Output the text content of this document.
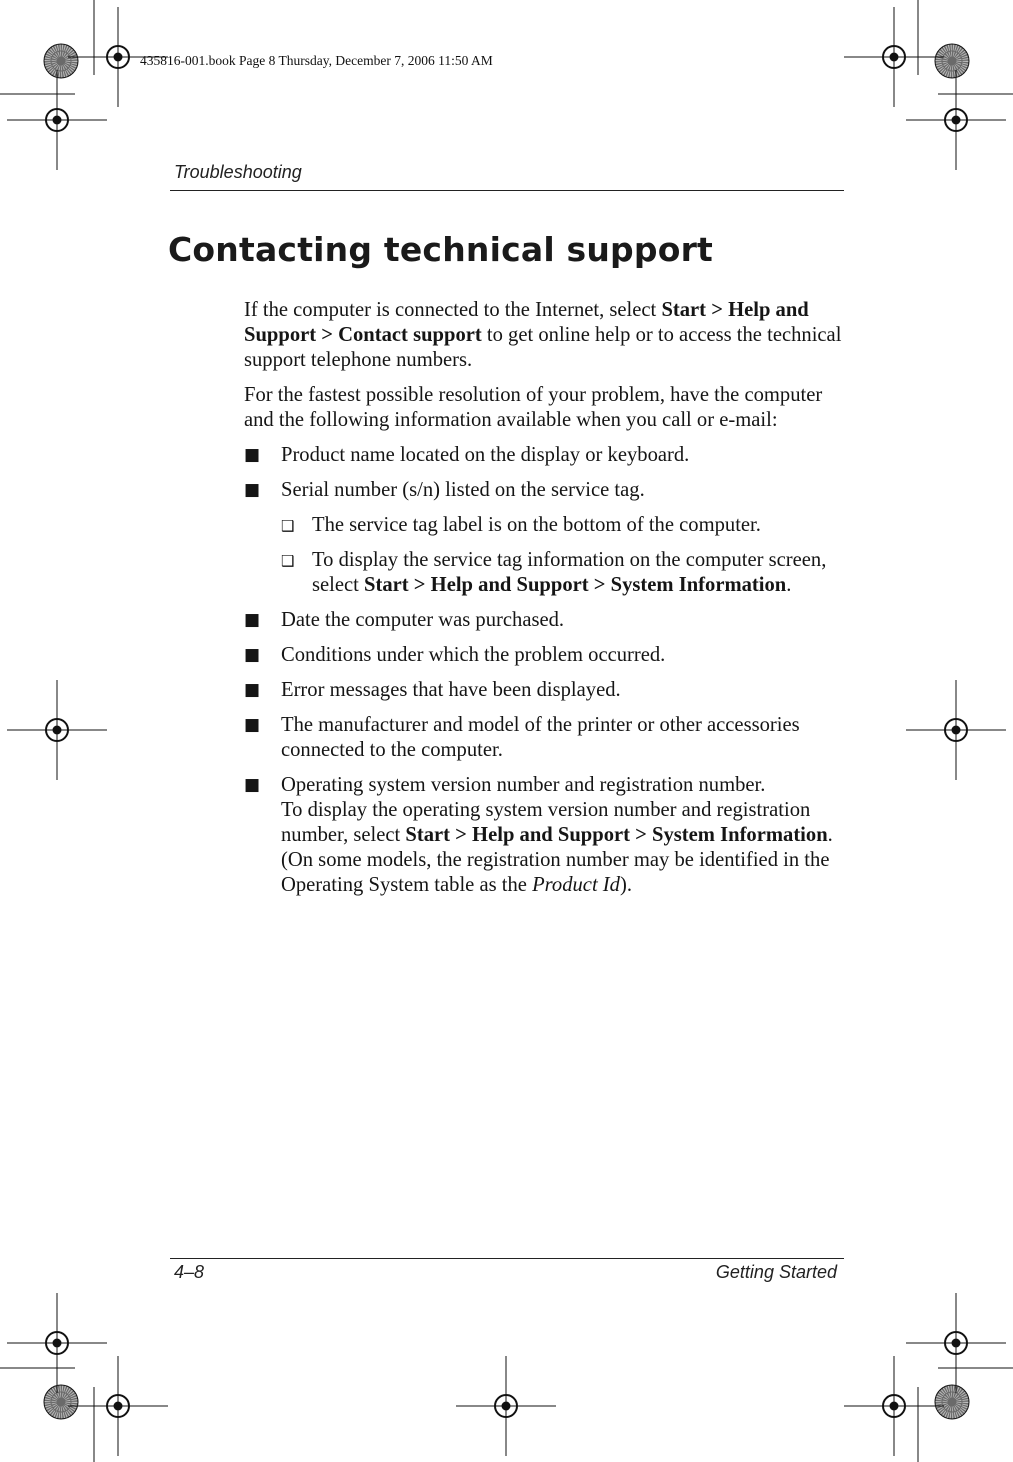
435816-001.book Page 8 Thursday, December 7, 2006 11:50 AM
Troubleshooting
Contacting technical support

If the computer is connected to the Internet, select Start > Help and Support > Contact support to get online help or to access the technical support telephone numbers.

For the fastest possible resolution of your problem, have the computer and the following information available when you call or e-mail:

■ Product name located on the display or keyboard.
■ Serial number (s/n) listed on the service tag.
❑ The service tag label is on the bottom of the computer.
❑ To display the service tag information on the computer screen, select Start > Help and Support > System Information.
■ Date the computer was purchased.
■ Conditions under which the problem occurred.
■ Error messages that have been displayed.
■ The manufacturer and model of the printer or other accessories connected to the computer.
■ Operating system version number and registration number.

To display the operating system version number and registration number, select Start > Help and Support > System Information. (On some models, the registration number may be identified in the Operating System table as the Product Id).

4–8	Getting Started
